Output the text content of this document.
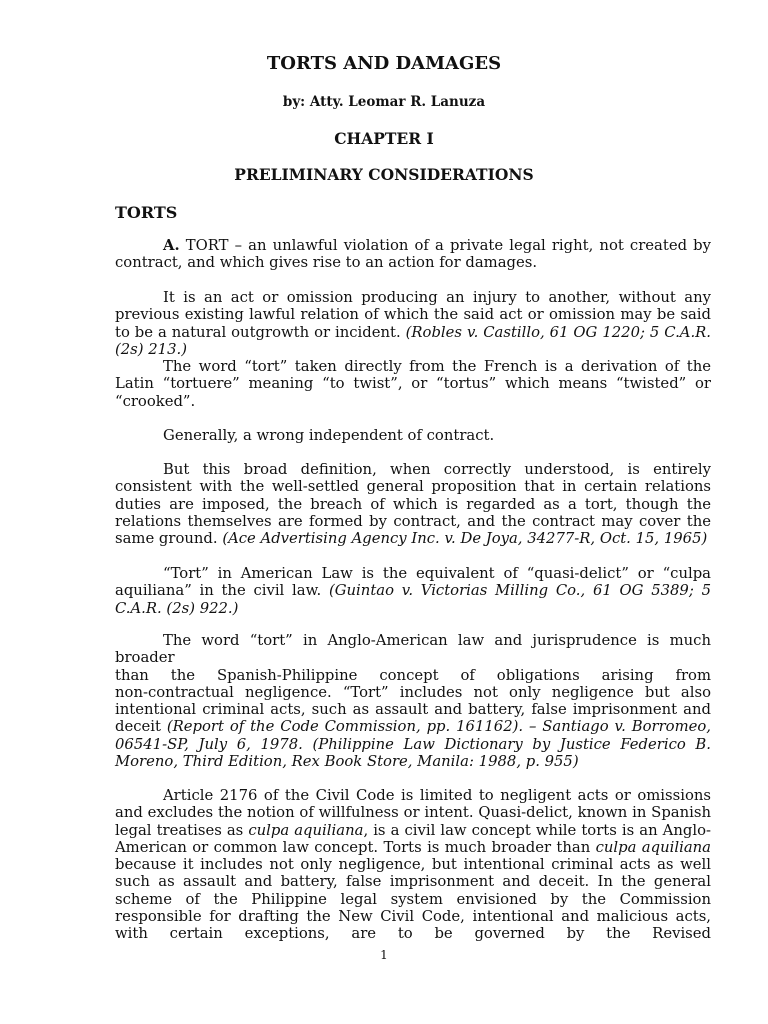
TORTS AND DAMAGES
by: Atty. Leomar R. Lanuza
CHAPTER I
PRELIMINARY CONSIDERATIONS
TORTS

A. TORT – an unlawful violation of a private legal right, not created by contract, and which gives rise to an action for damages.

It is an act or omission producing an injury to another, without any previous existing lawful relation of which the said act or omission may be said to be a natural outgrowth or incident. (Robles v. Castillo, 61 OG 1220; 5 C.A.R.(2s) 213.)

The word “tort” taken directly from the French is a derivation of the Latin “tortuere” meaning “to twist”, or “tortus” which means “twisted” or “crooked”.

Generally, a wrong independent of contract.

But this broad definition, when correctly understood, is entirely consistent with the well-settled general proposition that in certain relations duties are imposed, the breach of which is regarded as a tort, though the relations themselves are formed by contract, and the contract may cover the same ground. (Ace Advertising Agency Inc. v. De Joya, 34277-R, Oct. 15, 1965)

“Tort” in American Law is the equivalent of “quasi-delict” or “culpa aquiliana” in the civil law. (Guintao v. Victorias Milling Co., 61 OG 5389; 5 C.A.R. (2s) 922.)

The word “tort” in Anglo-American law and jurisprudence is much

broader

than the Spanish-Philippine concept of obligations arising from

non-contractual negligence. “Tort” includes not only negligence but also intentional criminal acts, such as assault and battery, false imprisonment and deceit (Report of the Code Commission, pp. 161162). – Santiago v. Borromeo, 06541-SP, July 6, 1978. (Philippine Law Dictionary by Justice Federico B. Moreno, Third Edition, Rex Book Store, Manila: 1988, p. 955)

Article 2176 of the Civil Code is limited to negligent acts or omissions and excludes the notion of willfulness or intent. Quasi-delict, known in Spanish legal treatises as culpa aquiliana, is a civil law concept while torts is an Anglo-American or common law concept. Torts is much broader than culpa aquiliana because it includes not only negligence, but intentional criminal acts as well such as assault and battery, false imprisonment and deceit. In the general scheme of the Philippine legal system envisioned by the Commission responsible for drafting the New Civil Code, intentional and malicious acts, with certain exceptions, are to be governed by the Revised

1
